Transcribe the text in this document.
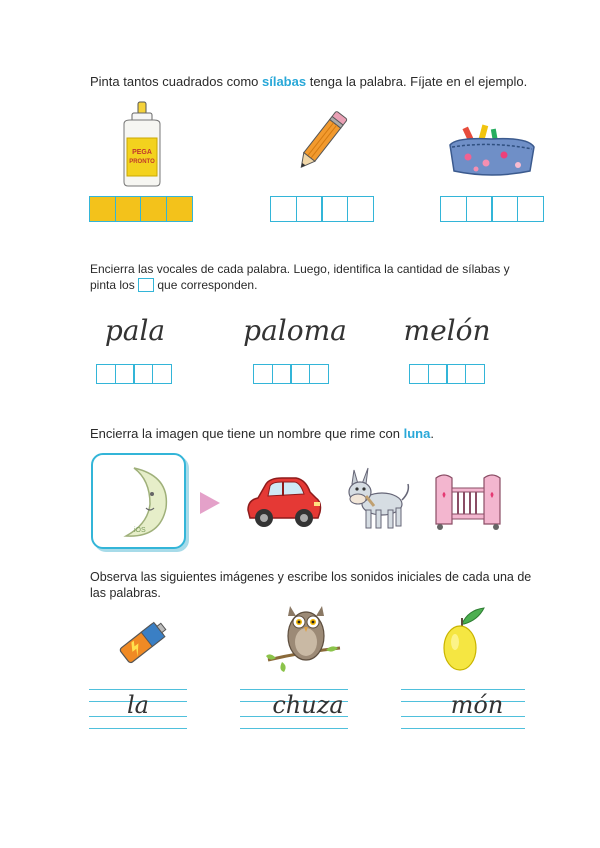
Pinta tantos cuadrados como sílabas tenga la palabra. Fíjate en el ejemplo.
PEGA
PRONTO
Encierra las vocales de cada palabra. Luego, identifica la cantidad de sílabas y
pinta los  que corresponden.
pala	paloma melón
Encierra la imagen que tiene un nombre que rime con luna.
iOS
Observa las siguientes imágenes y escribe los sonidos iniciales de cada una de
las palabras.
la	chuza	món
